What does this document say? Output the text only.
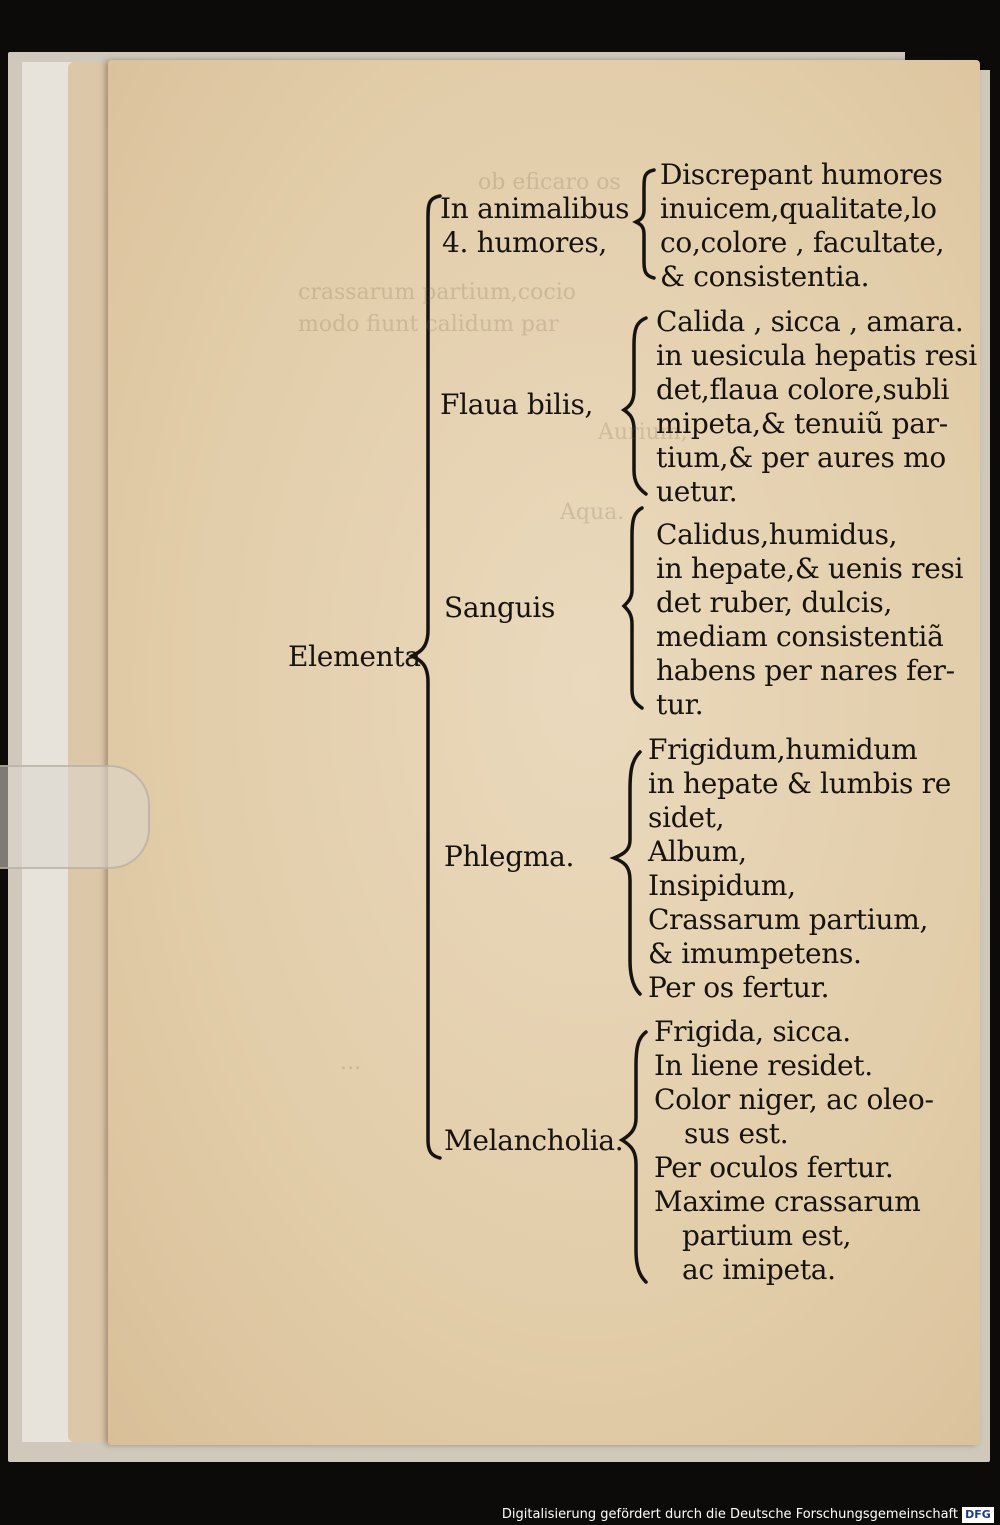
Elementa
In animalibus
4. humores,
Flaua bilis,
Sanguis
Phlegma.
Melancholia.
Discrepant humores
inuicem,qualitate,lo
co,colore , facultate,
& consistentia.
Calida , sicca , amara.
in uesicula hepatis resi
det,flaua colore,subli
mipeta,& tenuiũ par-
tium,& per aures mo
uetur.
Calidus,humidus,
in hepate,& uenis resi
det ruber, dulcis,
mediam consistentiã
habens per nares fer-
tur.
Frigidum,humidum
in hepate & lumbis re
sidet,
Album,
Insipidum,
Crassarum partium,
& imumpetens.
Per os fertur.
Frigida, sicca.
In liene residet.
Color niger, ac oleo-
sus est.
Per oculos fertur.
Maxime crassarum
partium est,
ac imipeta.
ob eficaro os
crassarum partium,cocio
modo fiunt calidum par
Aurium,
Aqua.
...
Digitalisierung gefördert durch die Deutsche Forschungsgemeinschaft DFG
